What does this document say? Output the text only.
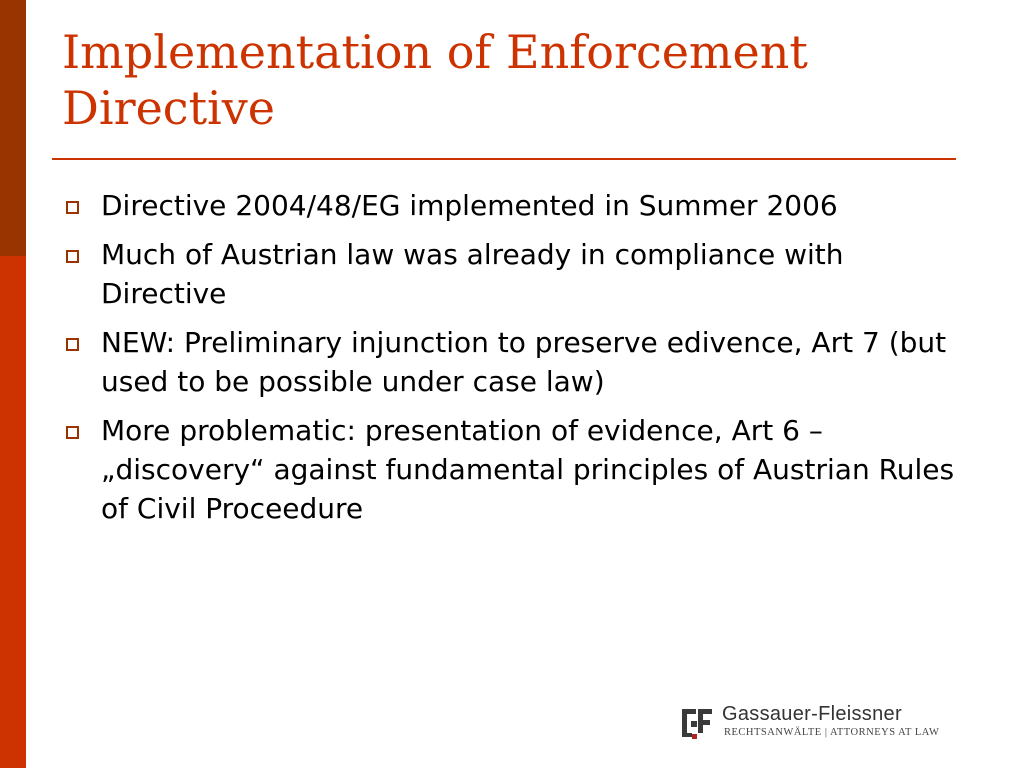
Implementation of Enforcement Directive
Directive 2004/48/EG implemented in Summer 2006
Much of Austrian law was already in compliance with Directive
NEW: Preliminary injunction to preserve edivence, Art 7 (but used to be possible under case law)
More problematic: presentation of evidence, Art 6 –„discovery“ against fundamental principles of Austrian Rules of Civil Proceedure
Gassauer-Fleissner
RECHTSANWÄLTE | ATTORNEYS AT LAW
